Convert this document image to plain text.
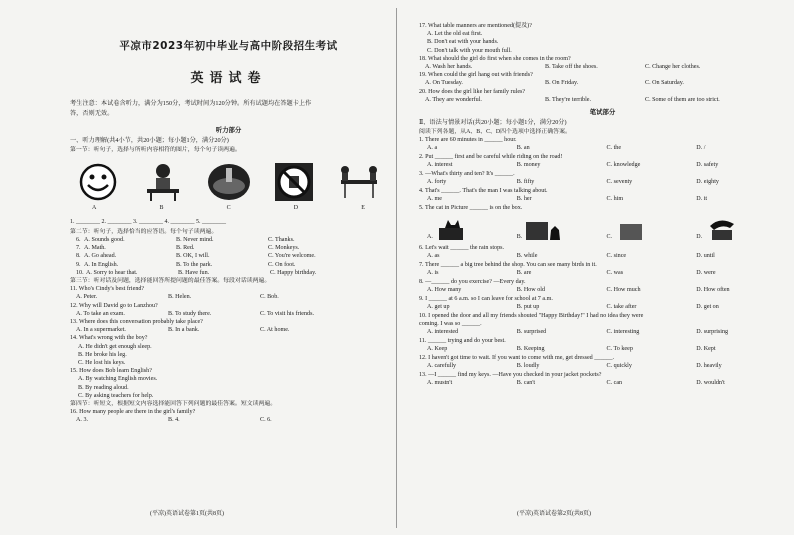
平凉市2023年初中毕业与高中阶段招生考试
英语试卷
考生注意：本试卷含听力，满分为150分，考试时间为120分钟。所有试题均在答题卡上作
答，否则无效。
听力部分
一、听力理解(共4小节，共20小题；每小题1分，满分20分)
第一节：听句子，选择与所听内容相符的图片，每个句子读两遍。
A	B	C	D	E
1. ________ 2. ________ 3. ________ 4. ________ 5. ________
第二节：听句子，选择恰当的应答语。每个句子读两遍。
6. A. Sounds good.	B. Never mind.	C. Thanks.
7. A. Math.	B. Red.	C. Monkeys.
8. A. Go ahead.	B. OK, I will.	C. You're welcome.
9. A. In English.	B. To the park.	C. On foot.
10. A. Sorry to hear that.	B. Have fun.	C. Happy birthday.
第三节：听对话及问题，选择能回答所提问题的最佳答案。每段对话读两遍。
11. Who's Cindy's best friend?
A. Peter.	B. Helen.	C. Bob.
12. Why will David go to Lanzhou?
A. To take an exam.	B. To study there.	C. To visit his friends.
13. Where does this conversation probably take place?
A. In a supermarket.	B. In a bank.	C. At home.
14. What's wrong with the boy?
A. He didn't get enough sleep.
B. He broke his leg.
C. He lost his keys.
15. How does Bob learn English?
A. By watching English movies.
B. By reading aloud.
C. By asking teachers for help.
第四节：听短文，根据短文内容选择能回答下列问题的最佳答案。短文读两遍。
16. How many people are there in the girl's family?
A. 3.	B. 4.	C. 6.
(平凉)英语试卷第1页(共8页)
17. What table manners are mentioned(提及)?
A. Let the old eat first.
B. Don't eat with your hands.
C. Don't talk with your mouth full.
18. What should the girl do first when she comes in the room?
A. Wash her hands.	B. Take off the shoes.	C. Change her clothes.
19. When could the girl hang out with friends?
A. On Tuesday.	B. On Friday.	C. On Saturday.
20. How does the girl like her family rules?
A. They are wonderful.	B. They're terrible.	C. Some of them are too strict.
笔试部分
Ⅱ、语法与情景对话(共20小题；每小题1分，满分20分)
阅读下列各题，从A、B、C、D四个选项中选择正确答案。
1. There are 60 minutes in ______ hour.
A. a	B. an	C. the	D. /
2. Put ______ first and be careful while riding on the road!
A. interest	B. money	C. knowledge	D. safety
3. —What's thirty and ten? It's ______.
A. forty	B. fifty	C. seventy	D. eighty
4. That's ______. That's the man I was talking about.
A. me	B. her	C. him	D. it
5. The cat in Picture ______ is on the box.
A.	B.	C.	D.
6. Let's wait ______ the rain stops.
A. as	B. while	C. since	D. until
7. There ______ a big tree behind the shop. You can see many birds in it.
A. is	B. are	C. was	D. were
8. —______ do you exercise? —Every day.
A. How many	B. How old	C. How much	D. How often
9. I ______ at 6 a.m. so I can leave for school at 7 a.m.
A. get up	B. put up	C. take after	D. get on
10. I opened the door and all my friends shouted "Happy Birthday!" I had no idea they were
coming. I was so ______.
A. interested	B. surprised	C. interesting	D. surprising
11. ______ trying and do your best.
A. Keep	B. Keeping	C. To keep	D. Kept
12. I haven't got time to wait. If you want to come with me, get dressed ______.
A. carefully	B. loudly	C. quickly	D. heavily
13. —I ______ find my keys. —Have you checked in your jacket pockets?
A. mustn't	B. can't	C. can	D. wouldn't
(平凉)英语试卷第2页(共8页)
